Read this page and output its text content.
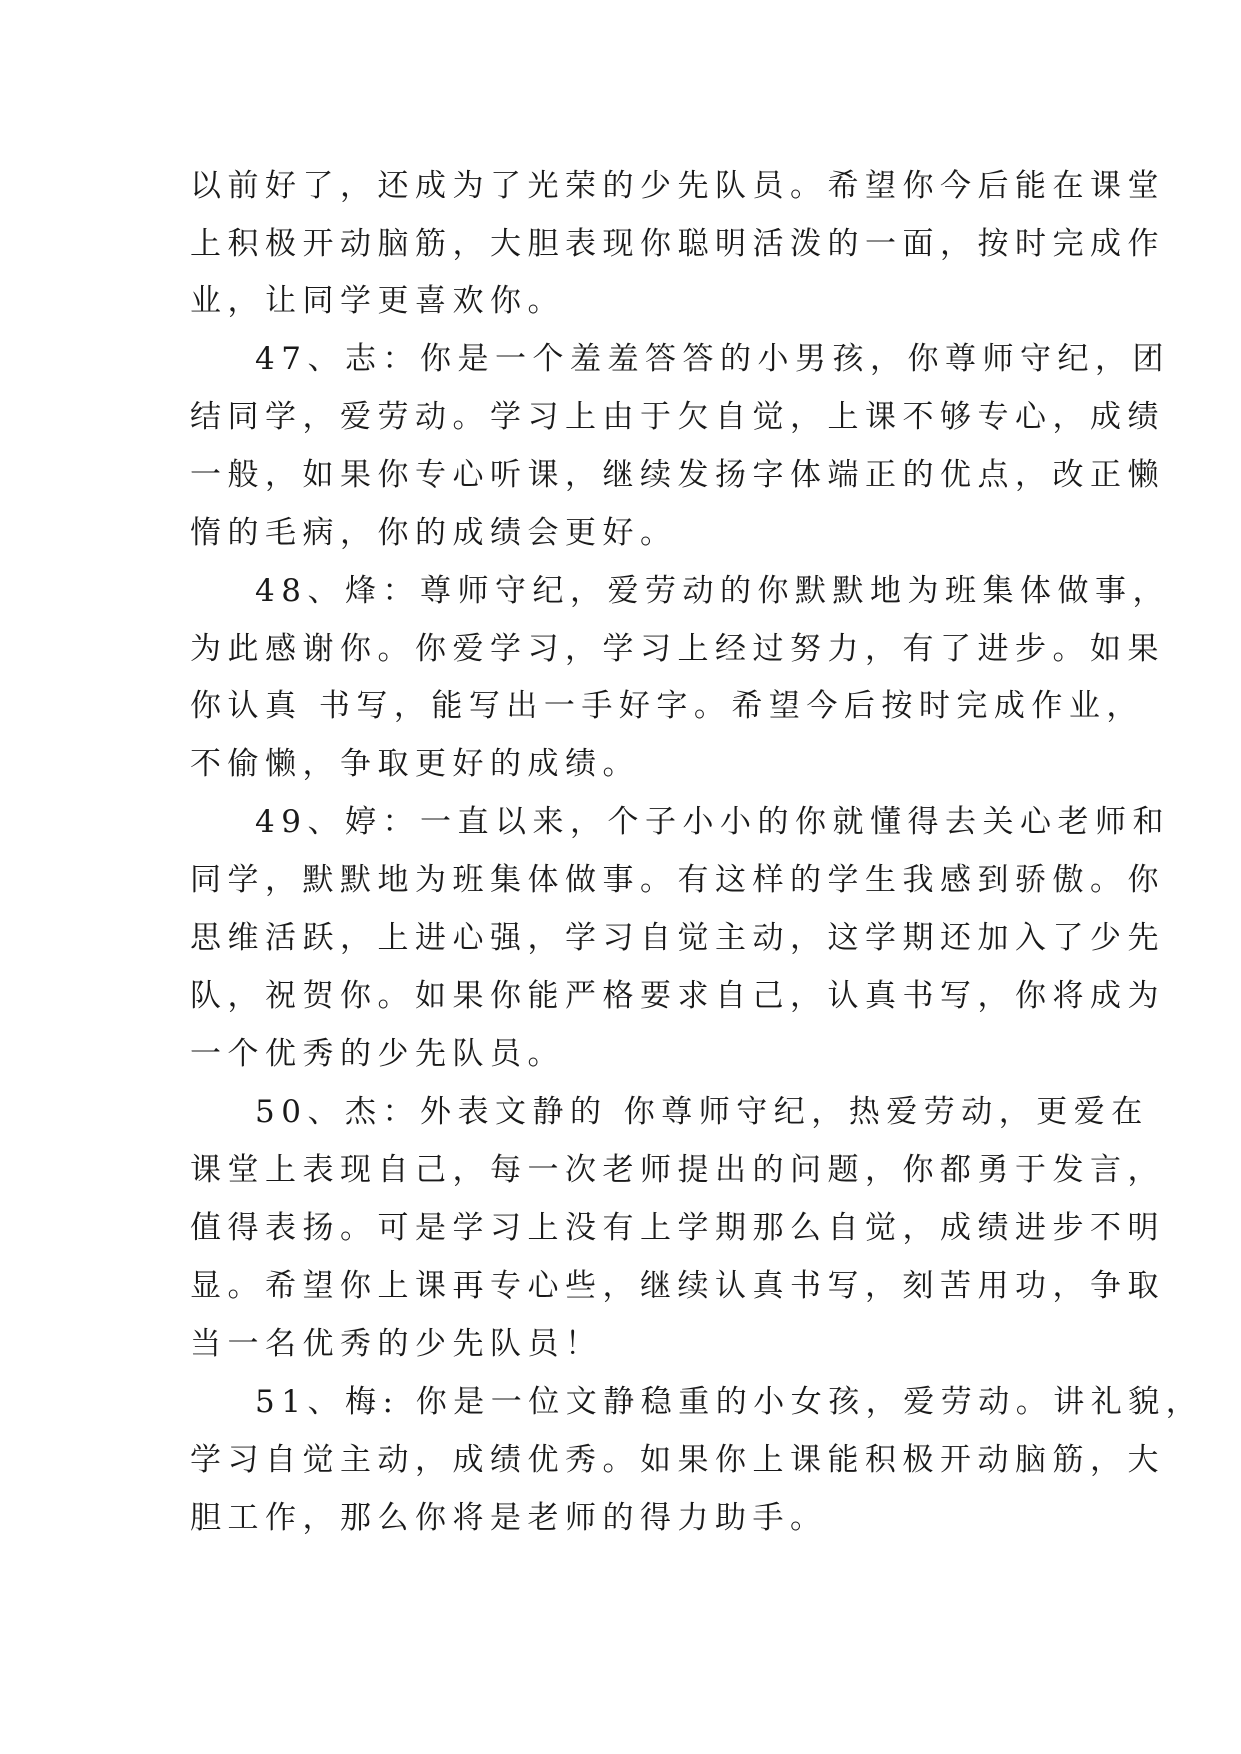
以前好了，还成为了光荣的少先队员。希望你今后能在课堂
上积极开动脑筋，大胆表现你聪明活泼的一面，按时完成作
业，让同学更喜欢你。
47、志：你是一个羞羞答答的小男孩，你尊师守纪，团
结同学，爱劳动。学习上由于欠自觉，上课不够专心，成绩
一般，如果你专心听课，继续发扬字体端正的优点，改正懒
惰的毛病，你的成绩会更好。
48、烽：尊师守纪，爱劳动的你默默地为班集体做事，
为此感谢你。你爱学习，学习上经过努力，有了进步。如果
你认真 书写，能写出一手好字。希望今后按时完成作业，
不偷懒，争取更好的成绩。
49、婷：一直以来，个子小小的你就懂得去关心老师和
同学，默默地为班集体做事。有这样的学生我感到骄傲。你
思维活跃，上进心强，学习自觉主动，这学期还加入了少先
队，祝贺你。如果你能严格要求自己，认真书写，你将成为
一个优秀的少先队员。
50、杰：外表文静的 你尊师守纪，热爱劳动，更爱在
课堂上表现自己，每一次老师提出的问题，你都勇于发言，
值得表扬。可是学习上没有上学期那么自觉，成绩进步不明
显。希望你上课再专心些，继续认真书写，刻苦用功，争取
当一名优秀的少先队员！
51、梅: 你是一位文静稳重的小女孩，爱劳动。讲礼貌，
学习自觉主动，成绩优秀。如果你上课能积极开动脑筋，大
胆工作，那么你将是老师的得力助手。
